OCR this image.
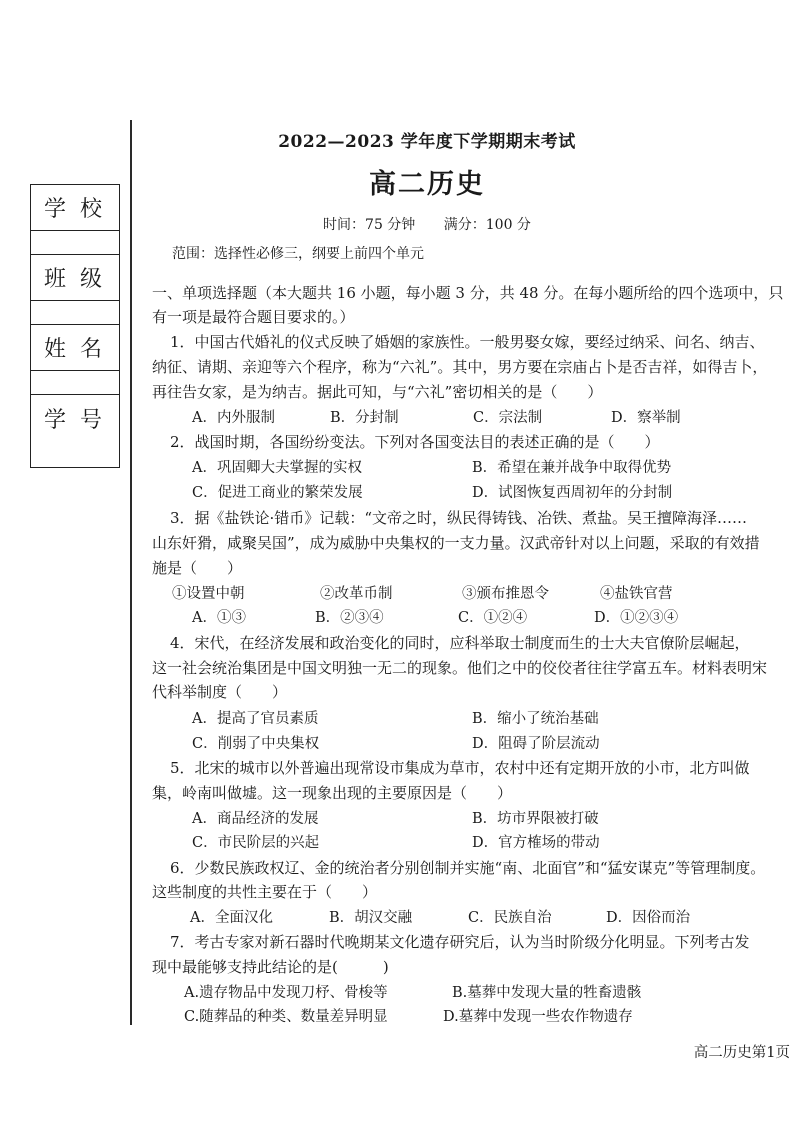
学校
班级
姓名
学号
2022—2023 学年度下学期期末考试
高二历史
时间：75 分钟 满分：100 分
范围：选择性必修三，纲要上前四个单元
一、单项选择题（本大题共 16 小题，每小题 3 分，共 48 分。在每小题所给的四个选项中，只
有一项是最符合题目要求的。）
1．中国古代婚礼的仪式反映了婚姻的家族性。一般男娶女嫁，要经过纳采、问名、纳吉、
纳征、请期、亲迎等六个程序，称为“六礼”。其中，男方要在宗庙占卜是否吉祥，如得吉卜，
再往告女家，是为纳吉。据此可知，与“六礼”密切相关的是（　　）
A．内外服制	B．分封制	C．宗法制	D．察举制
2．战国时期，各国纷纷变法。下列对各国变法目的表述正确的是（　　）
A．巩固卿大夫掌握的实权	B．希望在兼并战争中取得优势
C．促进工商业的繁荣发展	D．试图恢复西周初年的分封制
3．据《盐铁论·错币》记载：“文帝之时，纵民得铸钱、冶铁、煮盐。吴王擅障海泽……
山东奸猾，咸聚吴国”，成为威胁中央集权的一支力量。汉武帝针对以上问题，采取的有效措
施是（　　）
①设置中朝	②改革币制	③颁布推恩令	④盐铁官营
A．①③	B．②③④	C．①②④	D．①②③④
4．宋代，在经济发展和政治变化的同时，应科举取士制度而生的士大夫官僚阶层崛起，
这一社会统治集团是中国文明独一无二的现象。他们之中的佼佼者往往学富五车。材料表明宋
代科举制度（　　）
A．提高了官员素质	B．缩小了统治基础
C．削弱了中央集权	D．阻碍了阶层流动
5．北宋的城市以外普遍出现常设市集成为草市，农村中还有定期开放的小市，北方叫做
集，岭南叫做墟。这一现象出现的主要原因是（　　）
A．商品经济的发展	B．坊市界限被打破
C．市民阶层的兴起	D．官方榷场的带动
6．少数民族政权辽、金的统治者分别创制并实施“南、北面官”和“猛安谋克”等管理制度。
这些制度的共性主要在于（　　）
A．全面汉化	B．胡汉交融	C．民族自治	D．因俗而治
7．考古专家对新石器时代晚期某文化遗存研究后，认为当时阶级分化明显。下列考古发
现中最能够支持此结论的是(　　　)
A.遗存物品中发现刀杼、骨梭等	B.墓葬中发现大量的牲畜遗骸
C.随葬品的种类、数量差异明显	D.墓葬中发现一些农作物遗存
高二历史第1页
